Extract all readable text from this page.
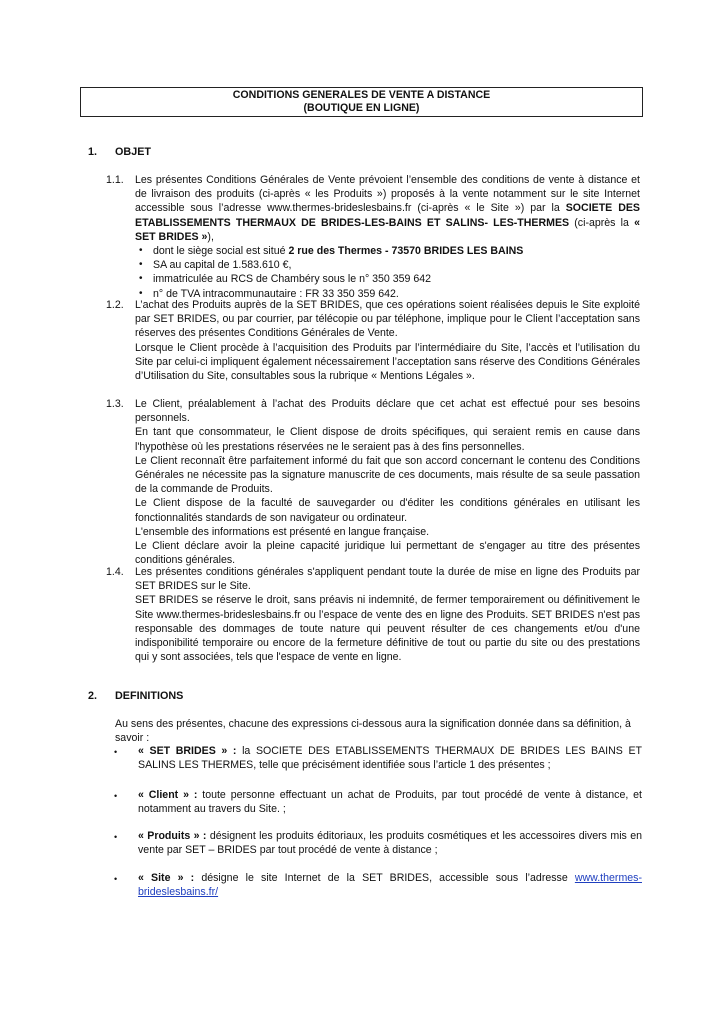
CONDITIONS GENERALES DE VENTE A DISTANCE
(BOUTIQUE EN LIGNE)
1. OBJET
1.1. Les présentes Conditions Générales de Vente prévoient l’ensemble des conditions de vente à distance et de livraison des produits (ci-après « les Produits ») proposés à la vente notamment sur le site Internet accessible sous l’adresse www.thermes-brideslesbains.fr (ci-après « le Site ») par la SOCIETE DES ETABLISSEMENTS THERMAUX DE BRIDES-LES-BAINS ET SALINS- LES-THERMES (ci-après la « SET BRIDES »),

• dont le siège social est situé 2 rue des Thermes - 73570 BRIDES LES BAINS
• SA au capital de 1.583.610 €,
• immatriculée au RCS de Chambéry sous le n° 350 359 642
• n° de TVA intracommunautaire : FR 33 350 359 642.
1.2. L’achat des Produits auprès de la SET BRIDES, que ces opérations soient réalisées depuis le Site exploité par SET BRIDES, ou par courrier, par télécopie ou par téléphone, implique pour le Client l’acceptation sans réserves des présentes Conditions Générales de Vente.

Lorsque le Client procède à l’acquisition des Produits par l’intermédiaire du Site, l’accès et l’utilisation du Site par celui-ci impliquent également nécessairement l’acceptation sans réserve des Conditions Générales d’Utilisation du Site, consultables sous la rubrique « Mentions Légales ».

1.3. Le Client, préalablement à l’achat des Produits déclare que cet achat est effectué pour ses besoins personnels.

En tant que consommateur, le Client dispose de droits spécifiques, qui seraient remis en cause dans l'hypothèse où les prestations réservées ne le seraient pas à des fins personnelles.

Le Client reconnaît être parfaitement informé du fait que son accord concernant le contenu des Conditions Générales ne nécessite pas la signature manuscrite de ces documents, mais résulte de sa seule passation de la commande de Produits.

Le Client dispose de la faculté de sauvegarder ou d'éditer les conditions générales en utilisant les fonctionnalités standards de son navigateur ou ordinateur.

L'ensemble des informations est présenté en langue française.

Le Client déclare avoir la pleine capacité juridique lui permettant de s'engager au titre des présentes conditions générales.

1.4. Les présentes conditions générales s'appliquent pendant toute la durée de mise en ligne des Produits par SET BRIDES sur le Site.

SET BRIDES se réserve le droit, sans préavis ni indemnité, de fermer temporairement ou définitivement le Site www.thermes-brideslesbains.fr ou l’espace de vente des en ligne des Produits. SET BRIDES n'est pas responsable des dommages de toute nature qui peuvent résulter de ces changements et/ou d'une indisponibilité temporaire ou encore de la fermeture définitive de tout ou partie du site ou des prestations qui y sont associées, tels que l'espace de vente en ligne.

2. DEFINITIONS
Au sens des présentes, chacune des expressions ci-dessous aura la signification donnée dans sa définition, à savoir :
• « SET BRIDES » : la SOCIETE DES ETABLISSEMENTS THERMAUX DE BRIDES LES BAINS ET SALINS LES THERMES, telle que précisément identifiée sous l’article 1 des présentes ;
• « Client » : toute personne effectuant un achat de Produits, par tout procédé de vente à distance, et notamment au travers du Site. ;
• « Produits » : désignent les produits éditoriaux, les produits cosmétiques et les accessoires divers mis en vente par SET – BRIDES par tout procédé de vente à distance ;
• « Site » : désigne le site Internet de la SET BRIDES, accessible sous l’adresse www.thermes-brideslesbains.fr/
